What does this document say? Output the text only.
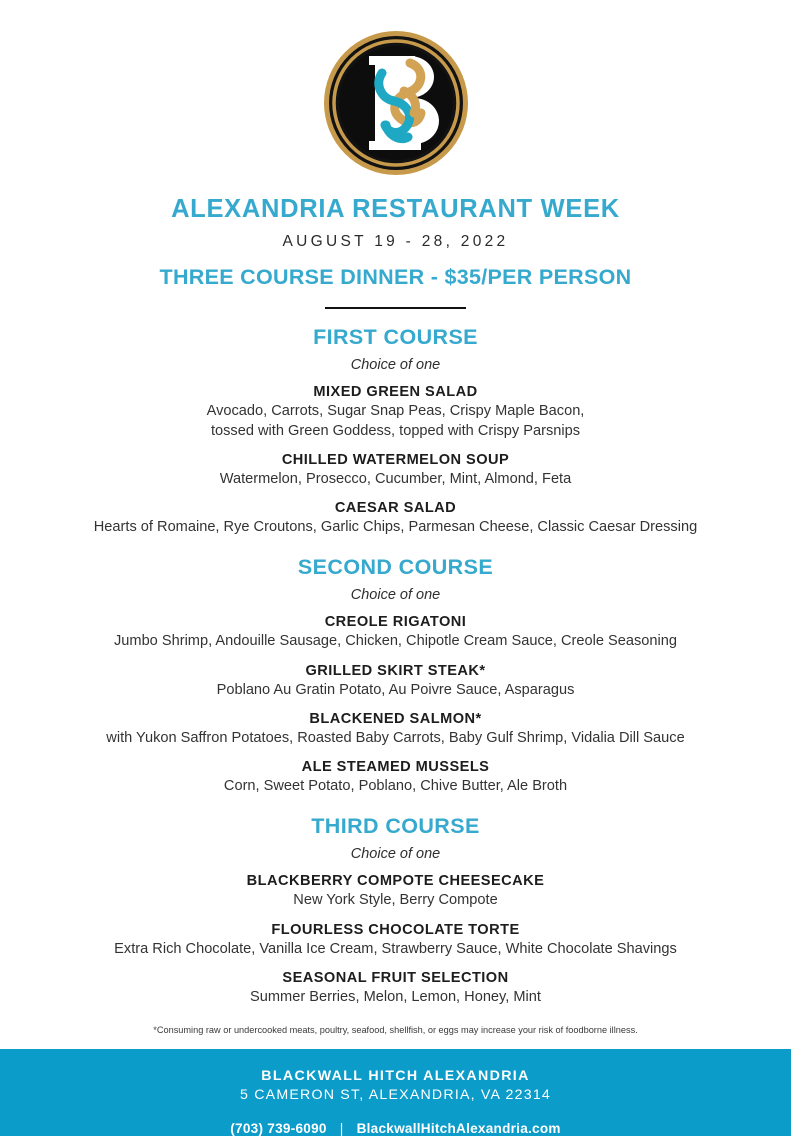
ALEXANDRIA RESTAURANT WEEK
AUGUST 19 - 28, 2022
THREE COURSE DINNER - $35/PER PERSON
FIRST COURSE
Choice of one
MIXED GREEN SALAD
Avocado, Carrots, Sugar Snap Peas, Crispy Maple Bacon,
tossed with Green Goddess, topped with Crispy Parsnips
CHILLED WATERMELON SOUP
Watermelon, Prosecco, Cucumber, Mint, Almond, Feta
CAESAR SALAD
Hearts of Romaine, Rye Croutons, Garlic Chips, Parmesan Cheese, Classic Caesar Dressing
SECOND COURSE
Choice of one
CREOLE RIGATONI
Jumbo Shrimp, Andouille Sausage, Chicken, Chipotle Cream Sauce, Creole Seasoning
GRILLED SKIRT STEAK*
Poblano Au Gratin Potato, Au Poivre Sauce, Asparagus
BLACKENED SALMON*
with Yukon Saffron Potatoes, Roasted Baby Carrots, Baby Gulf Shrimp, Vidalia Dill Sauce
ALE STEAMED MUSSELS
Corn, Sweet Potato, Poblano, Chive Butter, Ale Broth
THIRD COURSE
Choice of one
BLACKBERRY COMPOTE CHEESECAKE
New York Style, Berry Compote
FLOURLESS CHOCOLATE TORTE
Extra Rich Chocolate, Vanilla Ice Cream, Strawberry Sauce, White Chocolate Shavings
SEASONAL FRUIT SELECTION
Summer Berries, Melon, Lemon, Honey, Mint
*Consuming raw or undercooked meats, poultry, seafood, shellfish, or eggs may increase your risk of foodborne illness.
BLACKWALL HITCH ALEXANDRIA
5 CAMERON ST, ALEXANDRIA, VA 22314
(703) 739-6090 | BlackwallHitchAlexandria.com
